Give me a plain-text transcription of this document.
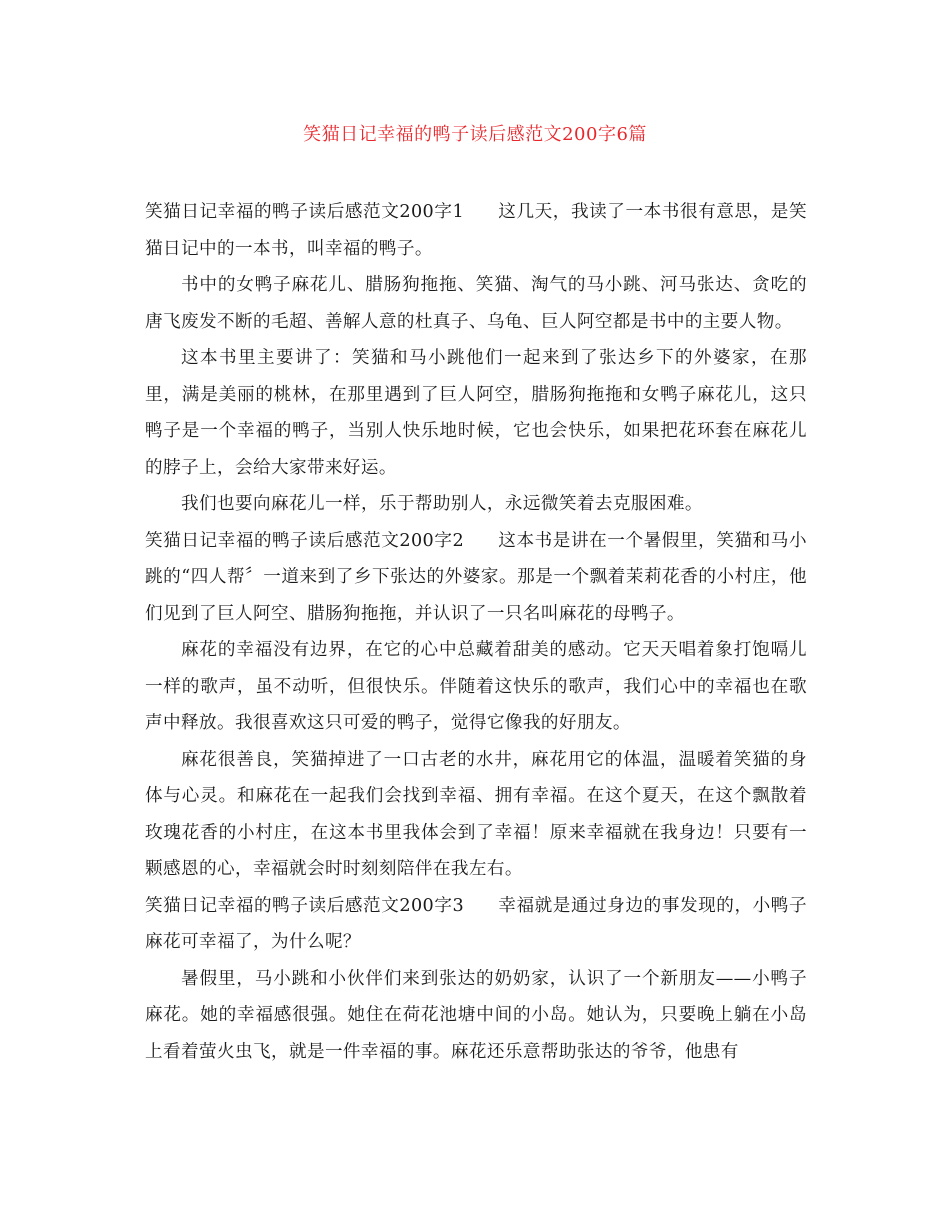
笑猫日记幸福的鸭子读后感范文200字6篇

笑猫日记幸福的鸭子读后感范文200字1 这几天，我读了一本书很有意思，是笑猫日记中的一本书，叫幸福的鸭子。

书中的女鸭子麻花儿、腊肠狗拖拖、笑猫、淘气的马小跳、河马张达、贪吃的唐飞废发不断的毛超、善解人意的杜真子、乌龟、巨人阿空都是书中的主要人物。

这本书里主要讲了：笑猫和马小跳他们一起来到了张达乡下的外婆家，在那里，满是美丽的桃林，在那里遇到了巨人阿空，腊肠狗拖拖和女鸭子麻花儿，这只鸭子是一个幸福的鸭子，当别人快乐地时候，它也会快乐，如果把花环套在麻花儿的脖子上，会给大家带来好运。

我们也要向麻花儿一样，乐于帮助别人，永远微笑着去克服困难。

笑猫日记幸福的鸭子读后感范文200字2 这本书是讲在一个暑假里，笑猫和马小跳的“四人帮〞一道来到了乡下张达的外婆家。那是一个飘着茉莉花香的小村庄，他们见到了巨人阿空、腊肠狗拖拖，并认识了一只名叫麻花的母鸭子。

麻花的幸福没有边界，在它的心中总藏着甜美的感动。它天天唱着象打饱嗝儿一样的歌声，虽不动听，但很快乐。伴随着这快乐的歌声，我们心中的幸福也在歌声中释放。我很喜欢这只可爱的鸭子，觉得它像我的好朋友。

麻花很善良，笑猫掉进了一口古老的水井，麻花用它的体温，温暖着笑猫的身体与心灵。和麻花在一起我们会找到幸福、拥有幸福。在这个夏天，在这个飘散着玫瑰花香的小村庄，在这本书里我体会到了幸福！原来幸福就在我身边！只要有一颗感恩的心，幸福就会时时刻刻陪伴在我左右。

笑猫日记幸福的鸭子读后感范文200字3 幸福就是通过身边的事发现的，小鸭子麻花可幸福了，为什么呢？

暑假里，马小跳和小伙伴们来到张达的奶奶家，认识了一个新朋友——小鸭子麻花。她的幸福感很强。她住在荷花池塘中间的小岛。她认为，只要晚上躺在小岛上看着萤火虫飞，就是一件幸福的事。麻花还乐意帮助张达的爷爷，他患有
